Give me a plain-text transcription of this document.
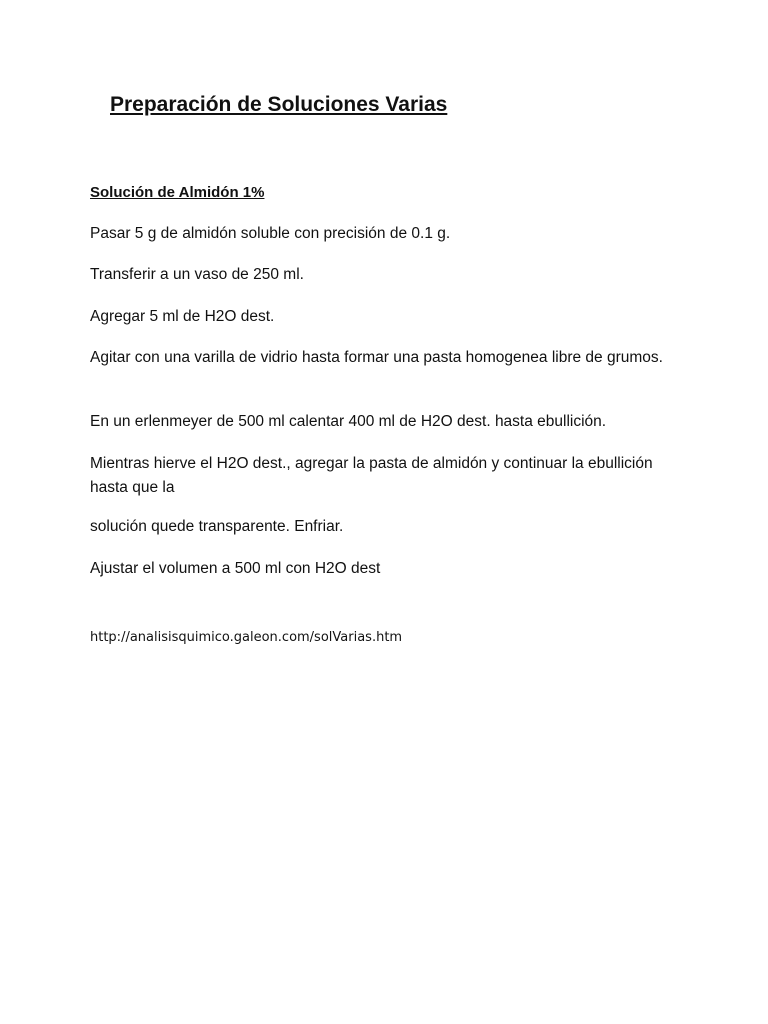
Preparación de Soluciones Varias
Solución de Almidón 1%

Pasar 5 g de almidón soluble con precisión de 0.1 g.

Transferir a un vaso de 250 ml.

Agregar 5 ml de H2O dest.

Agitar con una varilla de vidrio hasta formar una pasta homogenea libre de grumos.

En un erlenmeyer de 500 ml calentar 400 ml de H2O dest. hasta ebullición.

Mientras hierve el H2O dest., agregar la pasta de almidón y continuar la ebullición hasta que la

solución quede transparente. Enfriar.

Ajustar el volumen a 500 ml con H2O dest

http://analisisquimico.galeon.com/solVarias.htm
